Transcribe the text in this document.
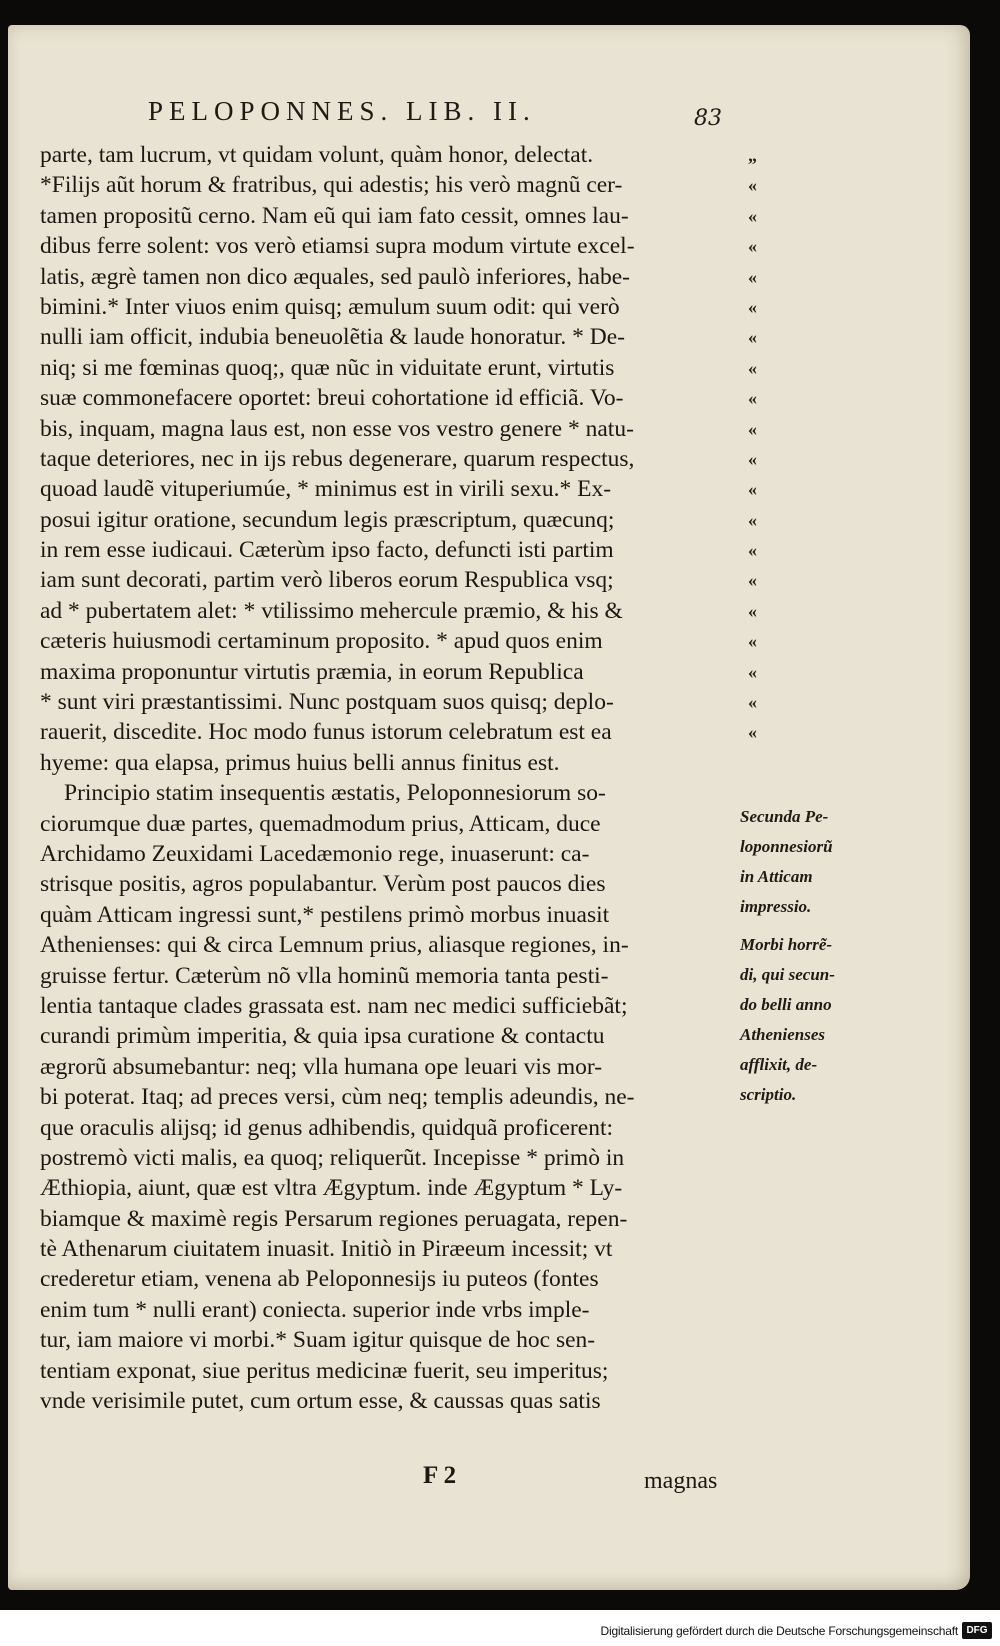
PELOPONNES. LIB. II.	83
parte, tam lucrum, vt quidam volunt, quàm honor, delectat.
*Filijs aũt horum & fratribus, qui adestis; his verò magnũ cer-
tamen propositũ cerno. Nam eũ qui iam fato cessit, omnes lau-
dibus ferre solent: vos verò etiamsi supra modum virtute excel-
latis, ægrè tamen non dico æquales, sed paulò inferiores, habe-
bimini.* Inter viuos enim quisq; æmulum suum odit: qui verò
nulli iam officit, indubia beneuolẽtia & laude honoratur. * De-
niq; si me fœminas quoq;, quæ nũc in viduitate erunt, virtutis
suæ commonefacere oportet: breui cohortatione id efficiã. Vo-
bis, inquam, magna laus est, non esse vos vestro genere * natu-
taque deteriores, nec in ijs rebus degenerare, quarum respectus,
quoad laudẽ vituperiumúe, * minimus est in virili sexu.* Ex-
posui igitur oratione, secundum legis præscriptum, quæcunq;
in rem esse iudicaui. Cæterùm ipso facto, defuncti isti partim
iam sunt decorati, partim verò liberos eorum Respublica vsq;
ad * pubertatem alet: * vtilissimo mehercule præmio, & his &
cæteris huiusmodi certaminum proposito. * apud quos enim
maxima proponuntur virtutis præmia, in eorum Republica
* sunt viri præstantissimi. Nunc postquam suos quisq; deplo-
rauerit, discedite. Hoc modo funus istorum celebratum est ea
hyeme: qua elapsa, primus huius belli annus finitus est.
Principio statim insequentis æstatis, Peloponnesiorum so-
ciorumque duæ partes, quemadmodum prius, Atticam, duce
Archidamo Zeuxidami Lacedæmonio rege, inuaserunt: ca-
strisque positis, agros populabantur. Verùm post paucos dies
quàm Atticam ingressi sunt,* pestilens primò morbus inuasit
Athenienses: qui & circa Lemnum prius, aliasque regiones, in-
gruisse fertur. Cæterùm nõ vlla hominũ memoria tanta pesti-
lentia tantaque clades grassata est. nam nec medici sufficiebãt;
curandi primùm imperitia, & quia ipsa curatione & contactu
ægrorũ absumebantur: neq; vlla humana ope leuari vis mor-
bi poterat. Itaq; ad preces versi, cùm neq; templis adeundis, ne-
que oraculis alijsq; id genus adhibendis, quidquã proficerent:
postremò victi malis, ea quoq; reliquerũt. Incepisse * primò in
Æthiopia, aiunt, quæ est vltra Ægyptum. inde Ægyptum * Ly-
biamque & maximè regis Persarum regiones peruagata, repen-
tè Athenarum ciuitatem inuasit. Initiò in Piræeum incessit; vt
crederetur etiam, venena ab Peloponnesijs iu puteos (fontes
enim tum * nulli erant) coniecta. superior inde vrbs imple-
tur, iam maiore vi morbi.* Suam igitur quisque de hoc sen-
tentiam exponat, siue peritus medicinæ fuerit, seu imperitus;
vnde verisimile putet, cum ortum esse, & caussas quas satis
„
«
«
«
«
«
«
«
«
«
«
«
«
«
«
«
«
«
«
«
Secunda Pe-
loponnesiorũ
in Atticam
impressio.
Morbi horrẽ-
di, qui secun-
do belli anno
Athenienses
afflixit, de-
scriptio.
F 2	magnas
Digitalisierung gefördert durch die Deutsche Forschungsgemeinschaft DFG
